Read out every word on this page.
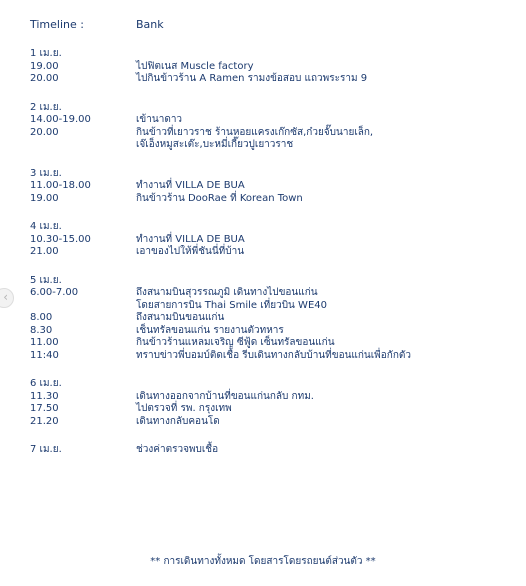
‹
Timeline :	Bank
1 เม.ย.
19.00	ไปฟิตเนส Muscle factory
20.00	ไปกินข้าวร้าน A Ramen รามงข้อสอบ แถวพระราม 9
2 เม.ย.
14.00-19.00	เข้านาดาว
20.00	กินข้าวที่เยาวราช ร้านหอยแครงเก๊กซัส,ก๋วยจั๊บนายเล็ก,
เจ๊เอ็งหมูสะเต๊ะ,บะหมี่เกี๊ยวปูเยาวราช
3 เม.ย.
11.00-18.00	ทำงานที่ VILLA DE BUA
19.00	กินข้าวร้าน DooRae ที่ Korean Town
4 เม.ย.
10.30-15.00	ทำงานที่ VILLA DE BUA
21.00	เอาของไปให้พี่ชันนี่ที่บ้าน
5 เม.ย.
6.00-7.00	ถึงสนามบินสุวรรณภูมิ เดินทางไปขอนแก่น
โดยสายการบิน Thai Smile เที่ยวบิน WE40
8.00	ถึงสนามบินขอนแก่น
8.30	เช็นทรัลขอนแก่น รายงานตัวทหาร
11.00	กินข้าวร้านแหลมเจริญ ซีฟู้ด เซ็นทรัลขอนแก่น
11:40	ทราบข่าวพี่บอมบ์ติดเชื้อ รีบเดินทางกลับบ้านที่ขอนแก่นเพื่อกักตัว
6 เม.ย.
11.30	เดินทางออกจากบ้านที่ขอนแก่นกลับ กทม.
17.50	ไปตรวจที่ รพ. กรุงเทพ
21.20	เดินทางกลับคอนโด
7 เม.ย.	ช่วงค่าตรวจพบเชื้อ
** การเดินทางทั้งหมด โดยสารโดยรถยนต์ส่วนตัว **
